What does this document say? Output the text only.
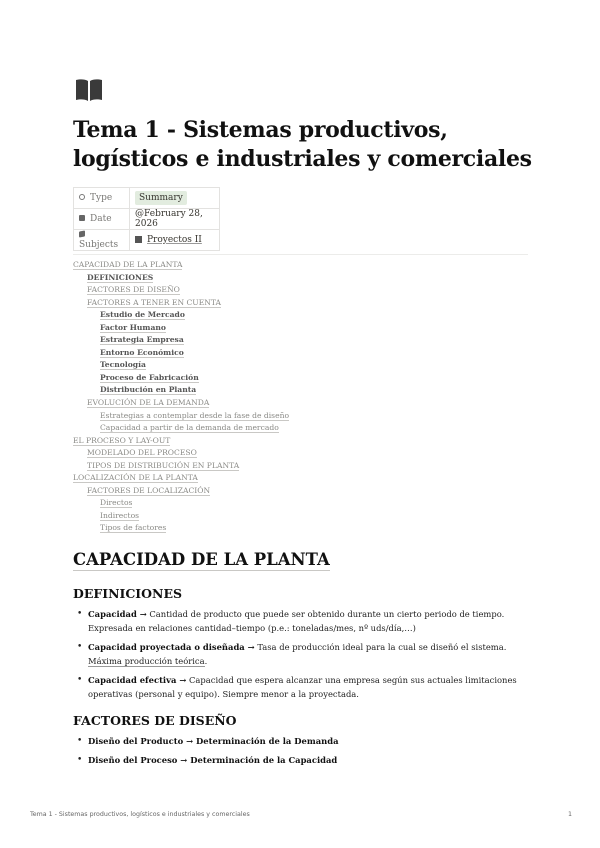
Tema 1 - Sistemas productivos, logísticos e industriales y comerciales
Type	Summary
Date	@February 28, 2026
Subjects	Proyectos II
CAPACIDAD DE LA PLANTA
DEFINICIONES
FACTORES DE DISEÑO
FACTORES A TENER EN CUENTA
Estudio de Mercado
Factor Humano
Estrategia Empresa
Entorno Económico
Tecnología
Proceso de Fabricación
Distribución en Planta
EVOLUCIÓN DE LA DEMANDA
Estrategias a contemplar desde la fase de diseño
Capacidad a partir de la demanda de mercado
EL PROCESO Y LAY-OUT
MODELADO DEL PROCESO
TIPOS DE DISTRIBUCIÓN EN PLANTA
LOCALIZACIÓN DE LA PLANTA
FACTORES DE LOCALIZACIÓN
Directos
Indirectos
Tipos de factores
CAPACIDAD DE LA PLANTA
DEFINICIONES
• Capacidad → Cantidad de producto que puede ser obtenido durante un cierto periodo de tiempo. Expresada en relaciones cantidad–tiempo (p.e.: toneladas/mes, nº uds/día,…)
• Capacidad proyectada o diseñada → Tasa de producción ideal para la cual se diseñó el sistema. Máxima producción teórica.
• Capacidad efectiva → Capacidad que espera alcanzar una empresa según sus actuales limitaciones operativas (personal y equipo). Siempre menor a la proyectada.
FACTORES DE DISEÑO
• Diseño del Producto → Determinación de la Demanda
• Diseño del Proceso → Determinación de la Capacidad
Tema 1 - Sistemas productivos, logísticos e industriales y comerciales	1
